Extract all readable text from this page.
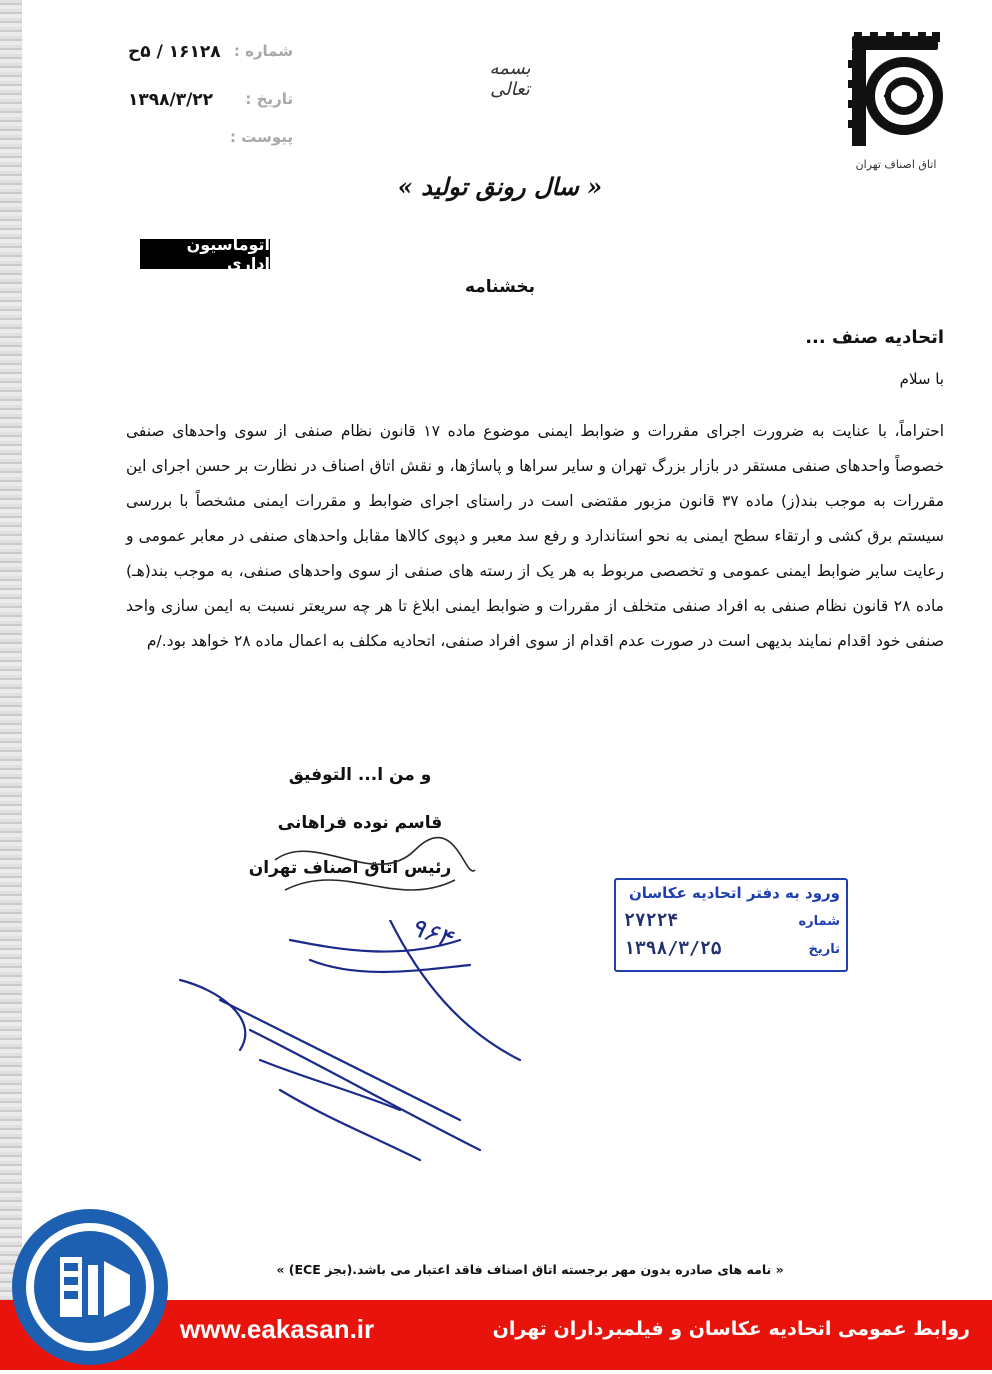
شماره :
۱۶۱۲۸ / ۵ح
تاریخ :
۱۳۹۸/۳/۲۲
پیوست :
بسمه تعالی
اتاق اصناف تهران
« سال رونق تولید »
اتوماسیون اداری
بخشنامه
اتحادیه صنف ...
با سلام
احتراماً، با عنایت به ضرورت اجرای مقررات و ضوابط ایمنی موضوع ماده ۱۷ قانون نظام صنفی از سوی واحدهای صنفی خصوصاً واحدهای صنفی مستقر در بازار بزرگ تهران و سایر سراها و پاساژها، و نقش اتاق اصناف در نظارت بر حسن اجرای این مقررات به موجب بند(ز) ماده ۳۷ قانون مزبور مقتضی است در راستای اجرای ضوابط و مقررات ایمنی مشخصاً با بررسی سیستم برق کشی و ارتقاء سطح ایمنی به نحو استاندارد و رفع سد معبر و دپوی کالاها مقابل واحدهای صنفی در معابر عمومی و رعایت سایر ضوابط ایمنی عمومی و تخصصی مربوط به هر یک از رسته های صنفی از سوی واحدهای صنفی، به موجب بند(هـ) ماده ۲۸ قانون نظام صنفی به افراد صنفی متخلف از مقررات و ضوابط ایمنی ابلاغ تا هر چه سریعتر نسبت به ایمن سازی واحد صنفی خود اقدام نمایند بدیهی است در صورت عدم اقدام از سوی افراد صنفی، اتحادیه مکلف به اعمال ماده ۲۸ خواهد بود./م
و من ا... التوفیق
قاسم نوده فراهانی
رئیس اتاق اصناف تهران
ورود به دفتر اتحادیه عکاسان
شماره
۲۷۲۲۴
تاریخ
۱۳۹۸/۳/۲۵
۹۶۴
« نامه های صادره بدون مهر برجسته اتاق اصناف فاقد اعتبار می باشد.(بجز ECE) »
www.eakasan.ir	روابط عمومی اتحادیه عکاسان و فیلمبرداران تهران
